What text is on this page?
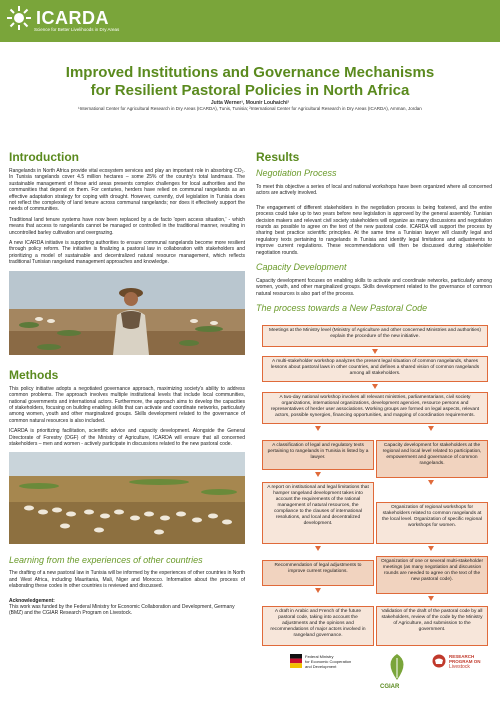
ICARDA
Science for Better Livelihoods in Dry Areas
Improved Institutions and Governance Mechanisms
for Resilient Pastoral Policies in North Africa
Jutta Werner¹, Mounir Louhaichi²
¹International Center for Agricultural Research in Dry Areas (ICARDA), Tunis, Tunisia; ²International Center for Agricultural Research in Dry Areas (ICARDA), Amman, Jordan
Introduction

Rangelands in North Africa provide vital ecosystem services and play an important role in absorbing CO₂. In Tunisia rangelands cover 4.5 million hectares – some 25% of the country's total landmass. The sustainable management of these arid areas presents complex challenges for local authorities and the communities that depend on them. For centuries, herders have relied on communal rangelands as an effective adaptation strategy for coping with drought. However, currently, civil legislation in Tunisia does not reflect the complexity of land tenure across communal rangelands; nor does it effectively support the needs of communities.

Traditional land tenure systems have now been replaced by a de facto 'open access situation,' - which means that access to rangelands cannot be managed or controlled in the traditional manner, resulting in uncontrolled barley cultivation and overgrazing.

A new ICARDA initiative is supporting authorities to ensure communal rangelands become more resilient through policy reform. The initiative is finalizing a pastoral law in collaboration with stakeholders and prioritizing a model of sustainable and decentralized natural resource management, which reflects traditional Tunisian rangeland management approaches and knowledge.

Methods

This policy initiative adopts a negotiated governance approach, maximizing society's ability to address common problems. The approach involves multiple institutional levels that include local communities, national governments and international actors. Furthermore, the approach aims to develop the capacities of stakeholders, focusing on building enabling skills that can activate and coordinate networks, particularly among women, youth and other marginalized groups. Skills development related to the governance of common natural resources is also included.

ICARDA is prioritizing facilitation, scientific advice and capacity development. Alongside the General Directorate of Forestry (DGF) of the Ministry of Agriculture, ICARDA will ensure that all concerned stakeholders – men and women - actively participate in discussions related to the new pastoral code.

Learning from the experiences of other countries

The drafting of a new pastoral law in Tunisia will be informed by the experiences of other countries in North and West Africa, including Mauritania, Mali, Niger and Morocco. Information about the process of elaborating these codes in other countries is reviewed and discussed.

Acknowledgement:

This work was funded by the Federal Ministry for Economic Collaboration and Development, Germany (BMZ) and the CGIAR Research Program on Livestock.

Results
Negotiation Process

To meet this objective a series of local and national workshops have been organized where all concerned actors are actively involved.

The engagement of different stakeholders in the negotiation process is being fostered, and the entire process could take up to two years before new legislation is approved by the general assembly. Tunisian decision makers and relevant civil society stakeholders will organize as many discussions and negotiation rounds as possible to agree on the text of the new pastoral code. ICARDA will support the process by sharing best practice scientific principles. At the same time a Tunisian lawyer will classify legal and regulatory texts pertaining to rangelands in Tunisia and identify legal limitations and adjustments to improve current regulations. These recommendations will then be discussed during stakeholder negotiation rounds.

Capacity Development

Capacity development focuses on enabling skills to activate and coordinate networks, particularly among women, youth, and other marginalized groups. Skills development related to the governance of common natural resources is also part of the process.

The process towards a New Pastoral Code
Meetings at the Ministry level (Ministry of Agriculture and other concerned Ministries and authorities) explain the procedure of the new initiative.
A multi-stakeholder workshop analyzes the present legal situation of common rangelands, shares lessons about pastoral laws in other countries, and defines a shared vision of common rangelands among all stakeholders.
A two-day national workshop involves all relevant ministries, parliamentarians, civil society organizations, international organizations, development agencies, resource persons and representatives of herder user associations. Working groups are formed on legal aspects, relevant actors, possible synergies, financing opportunities, and mapping of coordination requirements.
A classification of legal and regulatory texts pertaining to rangelands in Tunisia is listed by a lawyer.
Capacity development for stakeholders at the regional and local level related to participation, empowerment and governance of common rangelands.
A report on institutional and legal limitations that hamper rangeland development takes into account the requirements of the rational management of natural resources, the compliance to the clauses of international resolutions, and local and decentralized development.
Organization of regional workshops for stakeholders related to common rangelands at the local level. Organization of specific regional workshops for women.
Recommendation of legal adjustments to improve current regulations.
Organization of one or several multi-stakeholder meetings (as many negotiation and discussion rounds are needed to agree on the text of the new pastoral code).
A draft in Arabic and French of the future pastoral code, taking into account the adjustments and the opinions and recommendations of major actors involved in rangeland governance.
Validation of the draft of the pastoral code by all stakeholders, review of the code by the Ministry of Agriculture, and submission to the government.
Federal Ministry
for Economic Cooperation
and Development
CGIAR
RESEARCH
PROGRAM ON
Livestock
